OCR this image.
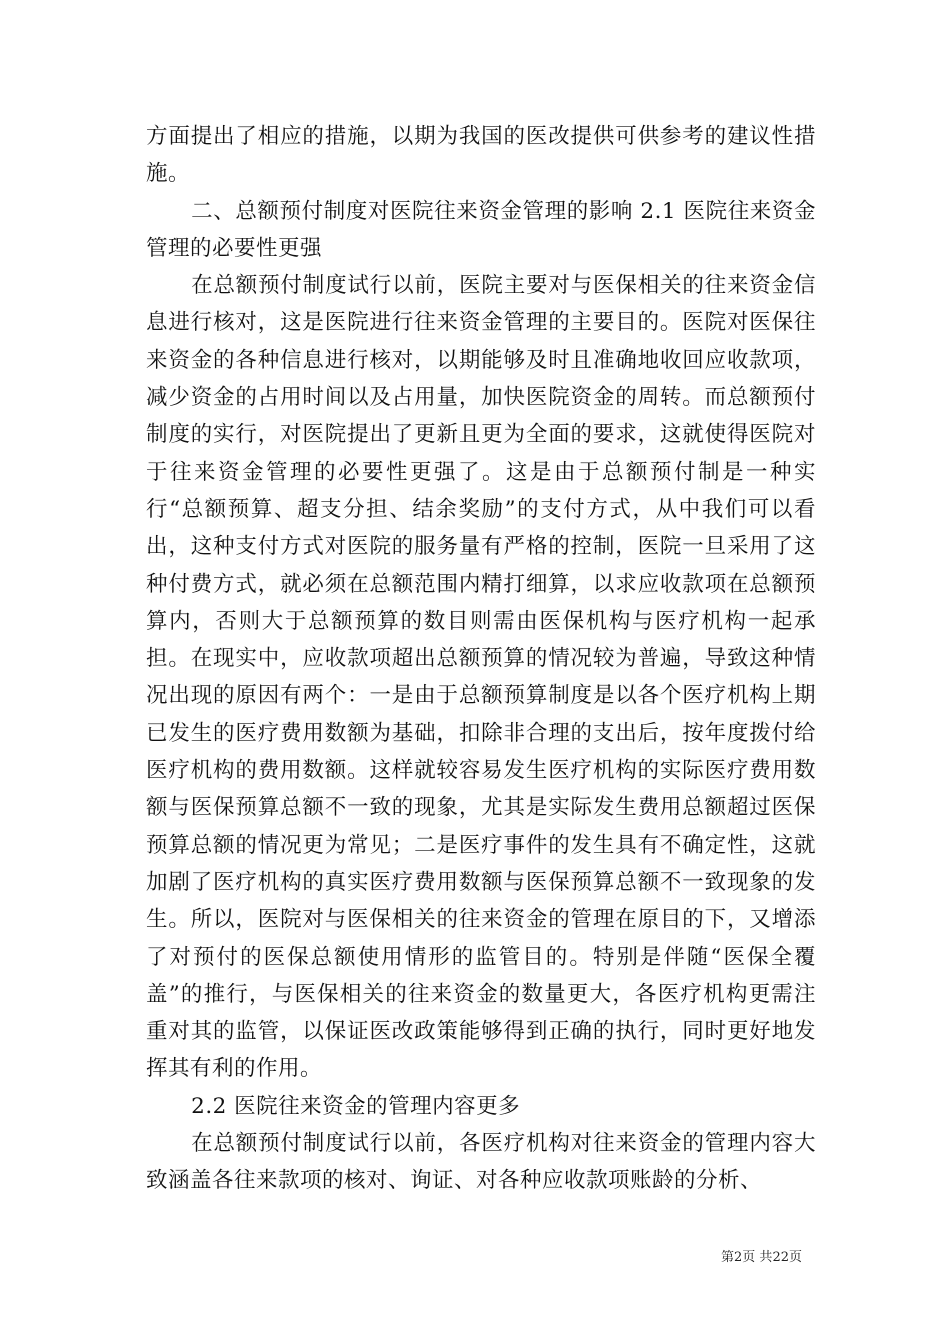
方面提出了相应的措施，以期为我国的医改提供可供参考的建议性措施。

二、总额预付制度对医院往来资金管理的影响 2.1 医院往来资金管理的必要性更强

在总额预付制度试行以前，医院主要对与医保相关的往来资金信息进行核对，这是医院进行往来资金管理的主要目的。医院对医保往来资金的各种信息进行核对，以期能够及时且准确地收回应收款项，减少资金的占用时间以及占用量，加快医院资金的周转。而总额预付制度的实行，对医院提出了更新且更为全面的要求，这就使得医院对于往来资金管理的必要性更强了。这是由于总额预付制是一种实行“总额预算、超支分担、结余奖励”的支付方式，从中我们可以看出，这种支付方式对医院的服务量有严格的控制，医院一旦采用了这种付费方式，就必须在总额范围内精打细算，以求应收款项在总额预算内，否则大于总额预算的数目则需由医保机构与医疗机构一起承担。在现实中，应收款项超出总额预算的情况较为普遍，导致这种情况出现的原因有两个：一是由于总额预算制度是以各个医疗机构上期已发生的医疗费用数额为基础，扣除非合理的支出后，按年度拨付给医疗机构的费用数额。这样就较容易发生医疗机构的实际医疗费用数额与医保预算总额不一致的现象，尤其是实际发生费用总额超过医保预算总额的情况更为常见；二是医疗事件的发生具有不确定性，这就加剧了医疗机构的真实医疗费用数额与医保预算总额不一致现象的发生。所以，医院对与医保相关的往来资金的管理在原目的下，又增添了对预付的医保总额使用情形的监管目的。特别是伴随“医保全覆盖”的推行，与医保相关的往来资金的数量更大，各医疗机构更需注重对其的监管，以保证医改政策能够得到正确的执行，同时更好地发挥其有利的作用。

2.2 医院往来资金的管理内容更多

在总额预付制度试行以前，各医疗机构对往来资金的管理内容大致涵盖各往来款项的核对、询证、对各种应收款项账龄的分析、

第2页 共22页
